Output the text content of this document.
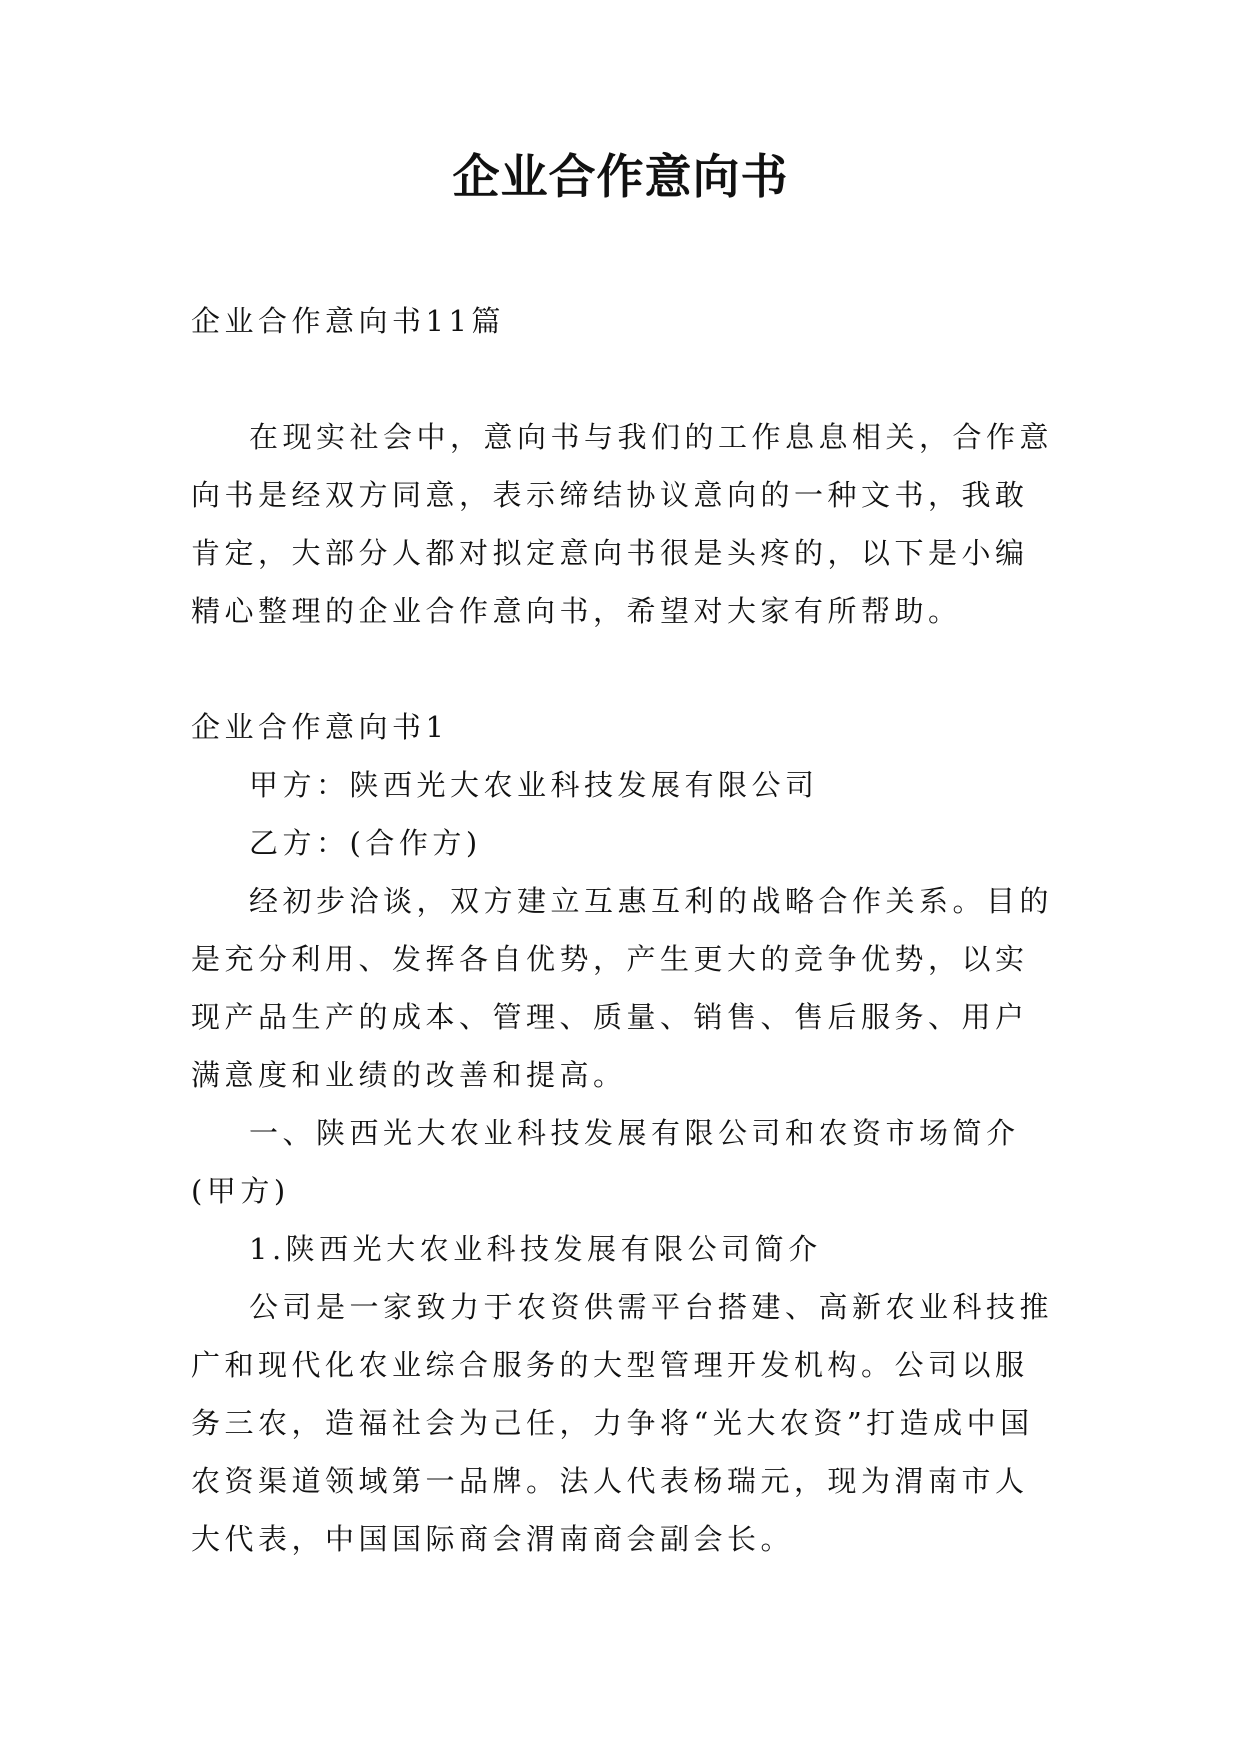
企业合作意向书

企业合作意向书11篇

在现实社会中，意向书与我们的工作息息相关，合作意向书是经双方同意，表示缔结协议意向的一种文书，我敢肯定，大部分人都对拟定意向书很是头疼的，以下是小编精心整理的企业合作意向书，希望对大家有所帮助。

企业合作意向书1

甲方：陕西光大农业科技发展有限公司

乙方：(合作方)

经初步洽谈，双方建立互惠互利的战略合作关系。目的是充分利用、发挥各自优势，产生更大的竞争优势，以实现产品生产的成本、管理、质量、销售、售后服务、用户满意度和业绩的改善和提高。

一、陕西光大农业科技发展有限公司和农资市场简介(甲方)

1.陕西光大农业科技发展有限公司简介

公司是一家致力于农资供需平台搭建、高新农业科技推广和现代化农业综合服务的大型管理开发机构。公司以服务三农，造福社会为己任，力争将“光大农资”打造成中国农资渠道领域第一品牌。法人代表杨瑞元，现为渭南市人大代表，中国国际商会渭南商会副会长。
